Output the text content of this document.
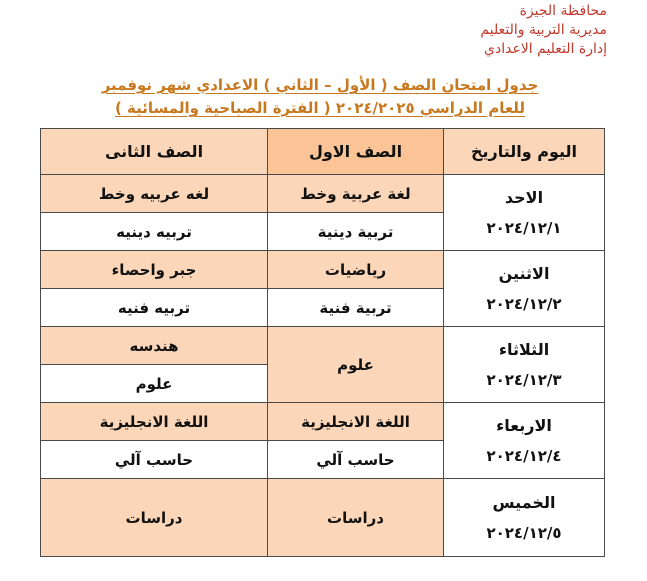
محافظة الجيزة
مديرية التربية والتعليم
إدارة التعليم الاعدادي
جدول امتحان الصف ( الأول – الثاني ) الاعدادي شهر نوفمبر
للعام الدراسي ٢٠٢٤/٢٠٢٥ ( الفترة الصباحية والمسائية )
اليوم والتاريخ	الصف الاول	الصف الثانى

الاحد
٢٠٢٤/١٢/١	لغة عربية وخط	لغه عربيه وخط
	تربية دينية	تربيه دينيه

الاثنين
٢٠٢٤/١٢/٢	رياضيات	جبر واحصاء
	تربية فنية	تربيه فنيه

الثلاثاء
٢٠٢٤/١٢/٣	علوم	هندسه
		علوم

الاربعاء
٢٠٢٤/١٢/٤	اللغة الانجليزية	اللغة الانجليزية
	حاسب آلي	حاسب آلي

الخميس
٢٠٢٤/١٢/٥	دراسات	دراسات
